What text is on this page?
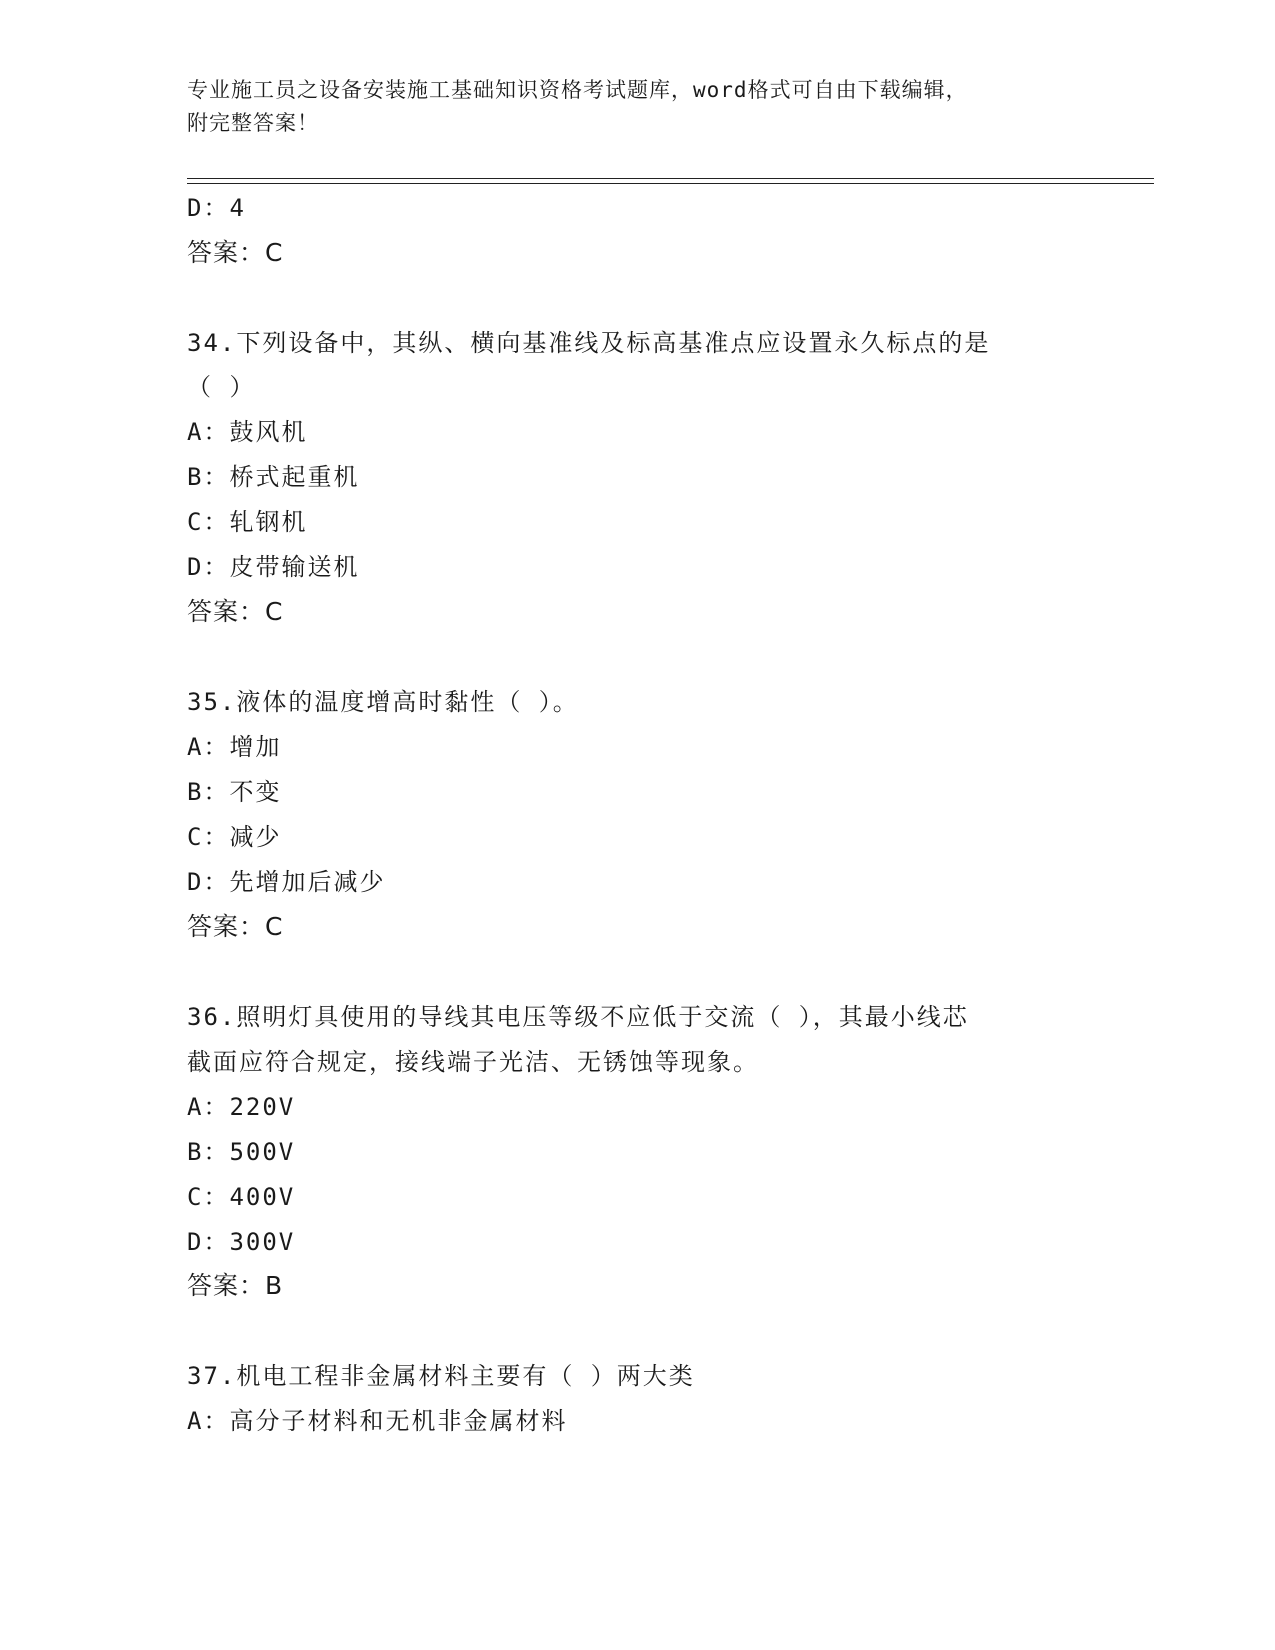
专业施工员之设备安装施工基础知识资格考试题库，word格式可自由下载编辑，
附完整答案！
D：4
答案：C
34.下列设备中，其纵、横向基准线及标高基准点应设置永久标点的是
（ ）
A：鼓风机
B：桥式起重机
C：轧钢机
D：皮带输送机
答案：C
35.液体的温度增高时黏性（ ）。
A：增加
B：不变
C：减少
D：先增加后减少
答案：C
36.照明灯具使用的导线其电压等级不应低于交流（ ），其最小线芯
截面应符合规定，接线端子光洁、无锈蚀等现象。
A：220V
B：500V
C：400V
D：300V
答案：B
37.机电工程非金属材料主要有（ ）两大类
A：高分子材料和无机非金属材料
